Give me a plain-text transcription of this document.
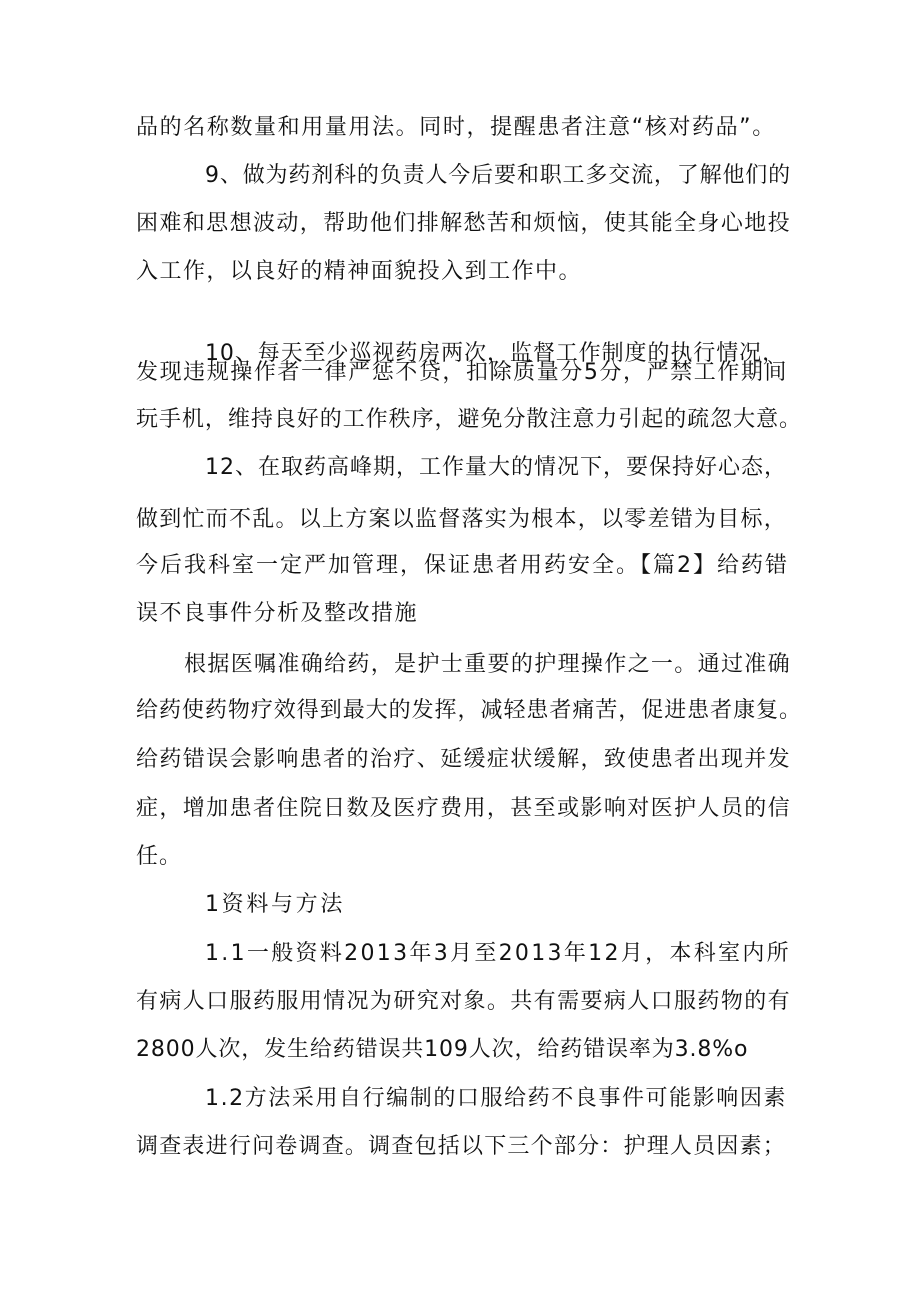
品的名称数量和用量用法。同时，提醒患者注意“核对药品”。
9、做为药剂科的负责人今后要和职工多交流，了解他们的
困难和思想波动，帮助他们排解愁苦和烦恼，使其能全身心地投
入工作，以良好的精神面貌投入到工作中。
10、每天至少巡视药房两次，监督工作制度的执行情况，
发现违规操作者一律严惩不贷，扣除质量分5分，严禁工作期间
玩手机，维持良好的工作秩序，避免分散注意力引起的疏忽大意。
12、在取药高峰期，工作量大的情况下，要保持好心态，
做到忙而不乱。以上方案以监督落实为根本，以零差错为目标，
今后我科室一定严加管理，保证患者用药安全。【篇2】给药错
误不良事件分析及整改措施
根据医嘱准确给药，是护士重要的护理操作之一。通过准确
给药使药物疗效得到最大的发挥，减轻患者痛苦，促进患者康复。
给药错误会影响患者的治疗、延缓症状缓解，致使患者出现并发
症，增加患者住院日数及医疗费用，甚至或影响对医护人员的信
任。
1资料与方法
1.1一般资料2013年3月至2013年12月，本科室内所
有病人口服药服用情况为研究对象。共有需要病人口服药物的有
2800人次，发生给药错误共109人次，给药错误率为3.8%o
1.2方法采用自行编制的口服给药不良事件可能影响因素
调查表进行问卷调查。调查包括以下三个部分：护理人员因素；
